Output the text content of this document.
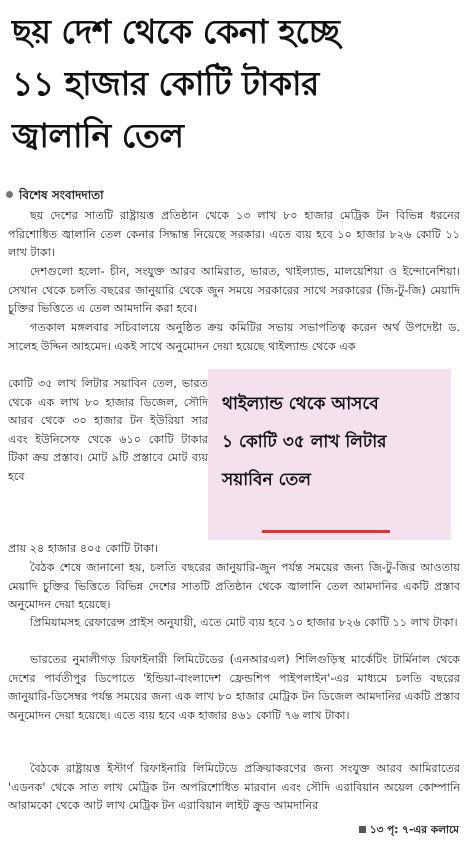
ছয় দেশ থেকে কেনা হচ্ছে
১১ হাজার কোটি টাকার
জ্বালানি তেল
বিশেষ সংবাদদাতা
ছয় দেশের সাতটি রাষ্ট্রায়ত্ত প্রতিষ্ঠান থেকে ১৩ লাখ ৮০ হাজার মেট্রিক টন বিভিন্ন ধরনের পরিশোধিত জ্বালানি তেল কেনার সিদ্ধান্ত নিয়েছে সরকার। এতে ব্যয় হবে ১০ হাজার ৮২৬ কোটি ১১ লাখ টাকা।
দেশগুলো হলো- চীন, সংযুক্ত আরব আমিরাত, ভারত, থাইল্যান্ড, মালয়েশিয়া ও ইন্দোনেশিয়া। সেখান থেকে চলতি বছরের জানুয়ারি থেকে জুন সময়ে সরকারের সাথে সরকারের (জি-টু-জি) মেয়াদি চুক্তির ভিত্তিতে এ তেল আমদানি করা হবে।
গতকাল মঙ্গলবার সচিবালয়ে অনুষ্ঠিত ক্রয় কমিটির সভায় সভাপতিত্ব করেন অর্থ উপদেষ্টা ড. সালেহ উদ্দিন আহমেদ। একই সাথে অনুমোদন দেয়া হয়েছে থাইল্যান্ড থেকে এক
কোটি ৩৫ লাখ লিটার সয়াবিন তেল, ভারত থেকে এক লাখ ৮০ হাজার ডিজেল, সৌদি আরব থেকে ৩০ হাজার টন ইউরিয়া সার এবং ইউনিসেফ থেকে ৬১০ কোটি টাকার টিকা ক্রয় প্রস্তাব। মোট ৯টি প্রস্তাবে মোট ব্যয় হবে
প্রায় ২৪ হাজার ৪০৫ কোটি টাকা।
বৈঠক শেষে জানানো হয়, চলতি বছরের জানুয়ারি-জুন পর্যন্ত সময়ের জন্য জি-টু-জির আওতায় মেয়াদি চুক্তির ভিত্তিতে বিভিন্ন দেশের সাতটি প্রতিষ্ঠান থেকে জ্বালানি তেল আমদানির একটি প্রস্তাব অনুমোদন দেয়া হয়েছে।
প্রিমিয়ামসহ রেফারেন্স প্রাইস অনুযায়ী, এতে মোট ব্যয় হবে ১০ হাজার ৮২৬ কোটি ১১ লাখ টাকা।
ভারতের নুমালীগড় রিফাইনারী লিমিটেডের (এনআরএল) শিলিগুড়িস্থ মার্কেটিং টার্মিনাল থেকে দেশের পার্বতীপুর ডিপোতে 'ইন্ডিয়া-বাংলাদেশ ফ্রেন্ডশিপ পাইপলাইন'-এর মাধ্যমে চলতি বছরের জানুয়ারি-ডিসেম্বর পর্যন্ত সময়ের জন্য এক লাখ ৮০ হাজার মেট্রিক টন ডিজেল আমদানির একটি প্রস্তাব অনুমোদন দেয়া হয়েছে। এতে ব্যয় হবে এক হাজার ৪৬১ কোটি ৭৬ লাখ টাকা।
বৈঠকে রাষ্ট্রায়ত্ত ইস্টার্ণ রিফাইনারি লিমিটেডে প্রক্রিয়াকরণের জন্য সংযুক্ত আরব আমিরাতের 'এডনক' থেকে সাত লাখ মেট্রিক টন অপরিশোধিত মারবান এবং সৌদি এরাবিয়ান অয়েল কোম্পানি আরামকো থেকে আট লাখ মেট্রিক টন এরাবিয়ান লাইট ক্রুড আমদানির
থাইল্যান্ড থেকে আসবে
১ কোটি ৩৫ লাখ লিটার
সয়াবিন তেল
১৩ পৃ: ৭-এর কলামে
